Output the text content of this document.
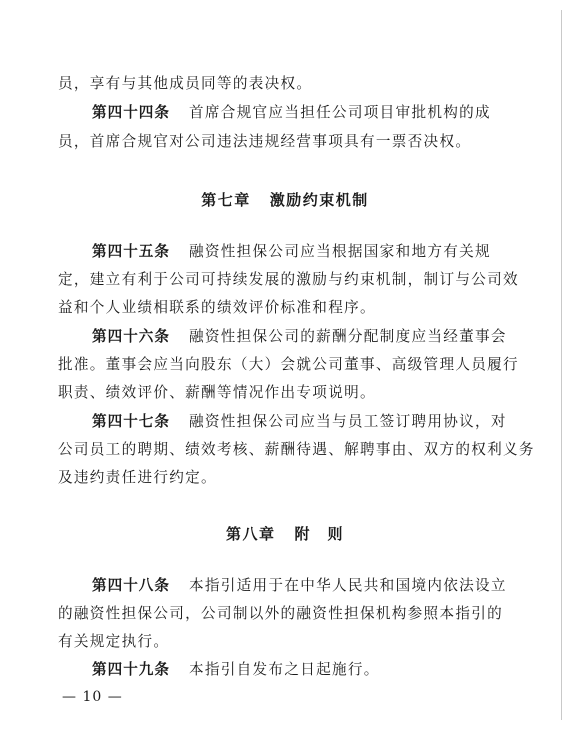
员，享有与其他成员同等的表决权。
第四十四条 首席合规官应当担任公司项目审批机构的成
员，首席合规官对公司违法违规经营事项具有一票否决权。
第七章 激励约束机制
第四十五条 融资性担保公司应当根据国家和地方有关规
定，建立有利于公司可持续发展的激励与约束机制，制订与公司效
益和个人业绩相联系的绩效评价标准和程序。
第四十六条 融资性担保公司的薪酬分配制度应当经董事会
批准。董事会应当向股东（大）会就公司董事、高级管理人员履行
职责、绩效评价、薪酬等情况作出专项说明。
第四十七条 融资性担保公司应当与员工签订聘用协议，对
公司员工的聘期、绩效考核、薪酬待遇、解聘事由、双方的权利义务
及违约责任进行约定。
第八章 附　则
第四十八条 本指引适用于在中华人民共和国境内依法设立
的融资性担保公司，公司制以外的融资性担保机构参照本指引的
有关规定执行。
第四十九条 本指引自发布之日起施行。
— 10 —
